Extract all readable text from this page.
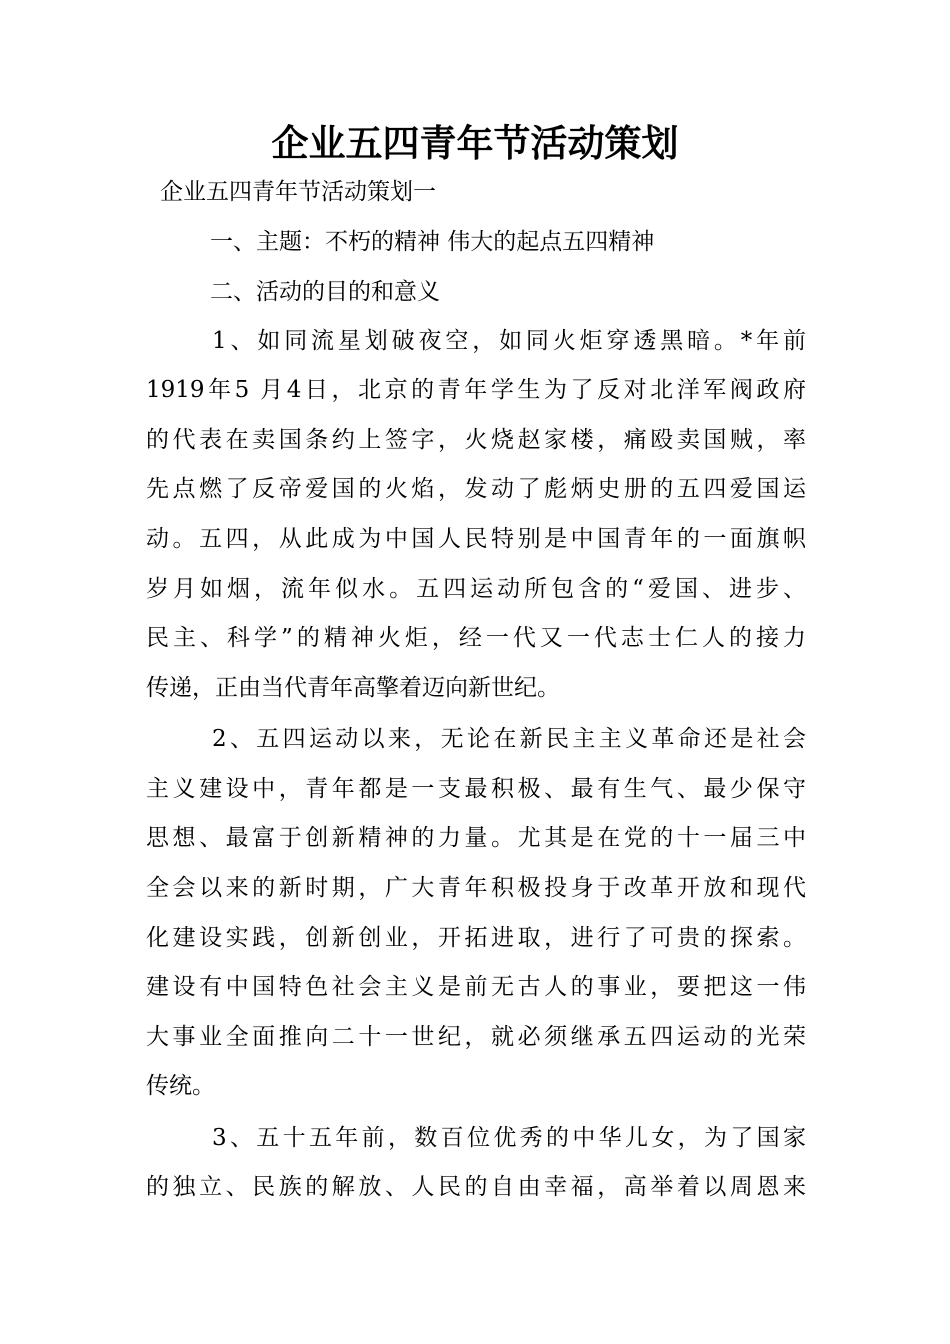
企业五四青年节活动策划
企业五四青年节活动策划一
一、主题：不朽的精神 伟大的起点五四精神
二、活动的目的和意义
1、如同流星划破夜空，如同火炬穿透黑暗。*年前
1919年5 月4日，北京的青年学生为了反对北洋军阀政府
的代表在卖国条约上签字，火烧赵家楼，痛殴卖国贼，率
先点燃了反帝爱国的火焰，发动了彪炳史册的五四爱国运
动。五四，从此成为中国人民特别是中国青年的一面旗帜
岁月如烟，流年似水。五四运动所包含的“爱国、进步、
民主、科学”的精神火炬，经一代又一代志士仁人的接力
传递，正由当代青年高擎着迈向新世纪。
2、五四运动以来，无论在新民主主义革命还是社会
主义建设中，青年都是一支最积极、最有生气、最少保守
思想、最富于创新精神的力量。尤其是在党的十一届三中
全会以来的新时期，广大青年积极投身于改革开放和现代
化建设实践，创新创业，开拓进取，进行了可贵的探索。
建设有中国特色社会主义是前无古人的事业，要把这一伟
大事业全面推向二十一世纪，就必须继承五四运动的光荣
传统。
3、五十五年前，数百位优秀的中华儿女，为了国家
的独立、民族的解放、人民的自由幸福，高举着以周恩来
